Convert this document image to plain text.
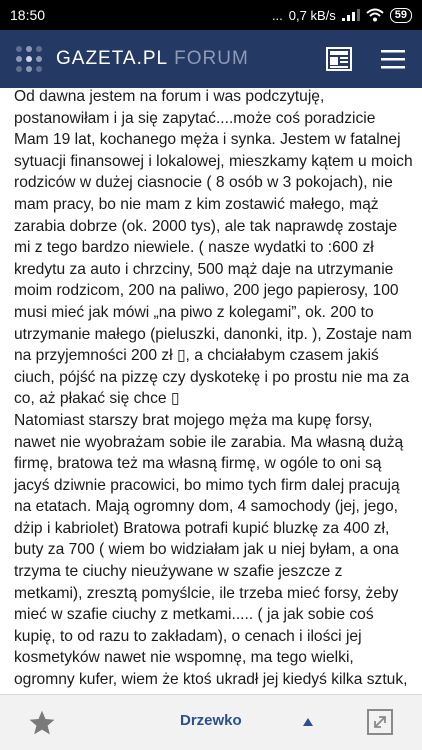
18:50	... 0,7 kB/s	59
GAZETA.PL FORUM

Od dawna jestem na forum i was podczytuję, postanowiłam i ja się zapytać....może coś poradzicie Mam 19 lat, kochanego męża i synka. Jestem w fatalnej sytuacji finansowej i lokalowej, mieszkamy kątem u moich rodziców w dużej ciasnocie ( 8 osób w 3 pokojach), nie mam pracy, bo nie mam z kim zostawić małego, mąż zarabia dobrze (ok. 2000 tys), ale tak naprawdę zostaje mi z tego bardzo niewiele. ( nasze wydatki to :600 zł kredytu za auto i chrzciny, 500 mąż daje na utrzymanie moim rodzicom, 200 na paliwo, 200 jego papierosy, 100 musi mieć jak mówi „na piwo z kolegami”, ok. 200 to utrzymanie małego (pieluszki, danonki, itp. ), Zostaje nam na przyjemności 200 zł ▯, a chciałabym czasem jakiś ciuch, pójść na pizzę czy dyskotekę i po prostu nie ma za co, aż płakać się chce ▯

Natomiast starszy brat mojego męża ma kupę forsy, nawet nie wyobrażam sobie ile zarabia. Ma własną dużą firmę, bratowa też ma własną firmę, w ogóle to oni są jacyś dziwnie pracowici, bo mimo tych firm dalej pracują na etatach. Mają ogromny dom, 4 samochody (jej, jego, dżip i kabriolet) Bratowa potrafi kupić bluzkę za 400 zł, buty za 700 ( wiem bo widziałam jak u niej byłam, a ona trzyma te ciuchy nieużywane w szafie jeszcze z metkami), zresztą pomyślcie, ile trzeba mieć forsy, żeby mieć w szafie ciuchy z metkami..... ( ja jak sobie coś kupię, to od razu to zakładam), o cenach i ilości jej kosmetyków nawet nie wspomnę, ma tego wielki, ogromny kufer, wiem że ktoś ukradł jej kiedyś kilka sztuk,

Drzewko
